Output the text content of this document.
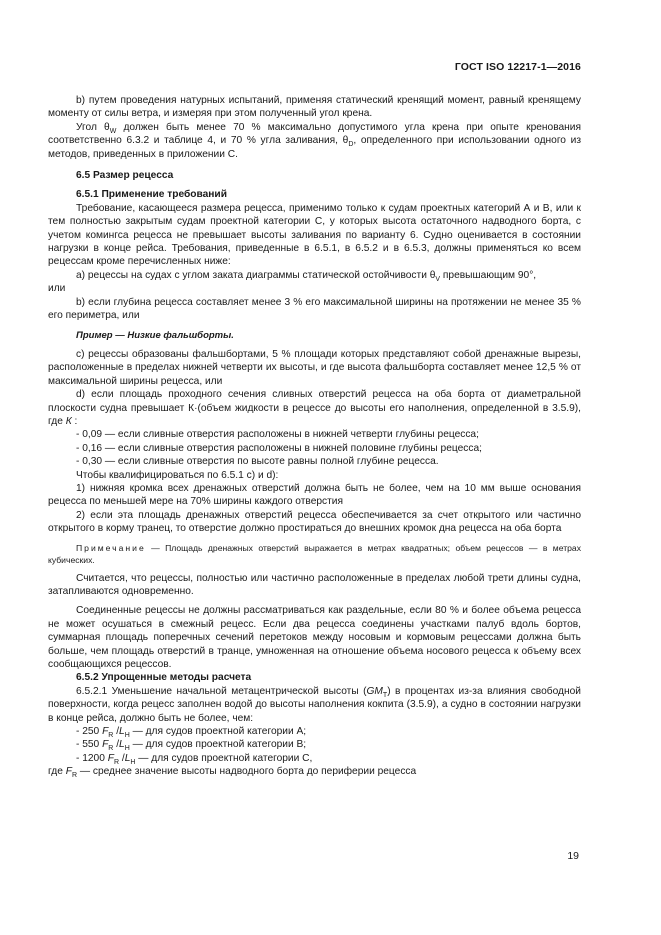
ГОСТ ISO 12217-1—2016

b) путем проведения натурных испытаний, применяя статический кренящий момент, равный кренящему моменту от силы ветра, и измеряя при этом полученный угол крена.

Угол $\theta_W$ должен быть менее 70 % максимально допустимого угла крена при опыте кренования соответственно 6.3.2 и таблице 4, и 70 % угла заливания, $\theta_D$, определенного при использовании одного из методов, приведенных в приложении С.

6.5 Размер рецесса

6.5.1 Применение требований

Требование, касающееся размера рецесса, применимо только к судам проектных категорий А и В, или к тем полностью закрытым судам проектной категории С, у которых высота остаточного надводного борта, с учетом комингса рецесса не превышает высоты заливания по варианту 6. Судно оценивается в состоянии нагрузки в конце рейса. Требования, приведенные в 6.5.1, в 6.5.2 и в 6.5.3, должны применяться ко всем рецессам кроме перечисленных ниже:

а) рецессы на судах с углом заката диаграммы статической остойчивости $\theta_V$ превышающим 90°,

или

b) если глубина рецесса составляет менее 3 % его максимальной ширины на протяжении не менее 35 % его периметра, или

Пример — Низкие фальшборты.

с) рецессы образованы фальшбортами, 5 % площади которых представляют собой дренажные вырезы, расположенные в пределах нижней четверти их высоты, и где высота фальшборта составляет менее 12,5 % от максимальной ширины рецесса, или

d) если площадь проходного сечения сливных отверстий рецесса на оба борта от диаметральной плоскости судна превышает К·(объем жидкости в рецессе до высоты его наполнения, определенной в 3.5.9), где К :

- 0,09 — если сливные отверстия расположены в нижней четверти глубины рецесса;

- 0,16 — если сливные отверстия расположены в нижней половине глубины рецесса;

- 0,30 — если сливные отверстия по высоте равны полной глубине рецесса.

Чтобы квалифицироваться по 6.5.1 с) и d):

1) нижняя кромка всех дренажных отверстий должна быть не более, чем на 10 мм выше основания рецесса по меньшей мере на 70% ширины каждого отверстия

2) если эта площадь дренажных отверстий рецесса обеспечивается за счет открытого или частично открытого в корму транец, то отверстие должно простираться до внешних кромок дна рецесса на оба борта

Примечание — Площадь дренажных отверстий выражается в метрах квадратных; объем рецессов — в метрах кубических.

Считается, что рецессы, полностью или частично расположенные в пределах любой трети длины судна, затапливаются одновременно.

Соединенные рецессы не должны рассматриваться как раздельные, если 80 % и более объема рецесса не может осушаться в смежный рецесс. Если два рецесса соединены участками палуб вдоль бортов, суммарная площадь поперечных сечений перетоков между носовым и кормовым рецессами должна быть больше, чем площадь отверстий в транце, умноженная на отношение объема носового рецесса к объему всех сообщающихся рецессов.

6.5.2 Упрощенные методы расчета

6.5.2.1 Уменьшение начальной метацентрической высоты $(GM_T)$ в процентах из-за влияния свободной поверхности, когда рецесс заполнен водой до высоты наполнения кокпита (3.5.9), а судно в состоянии нагрузки в конце рейса, должно быть не более, чем:

- 250 $F_R$ $/L_H$ — для судов проектной категории А;

- 550 $F_R$ $/L_H$ — для судов проектной категории В;

- 1200 $F_R$ $/L_H$ — для судов проектной категории С,

где $F_R$ — среднее значение высоты надводного борта до периферии рецесса

19
